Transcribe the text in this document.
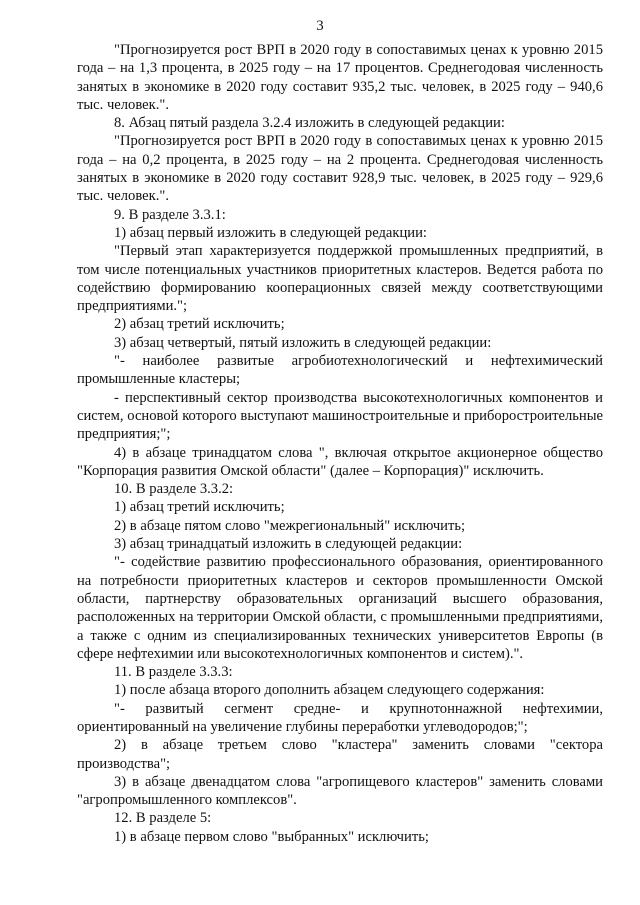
3

"Прогнозируется рост ВРП в 2020 году в сопоставимых ценах к уровню 2015 года – на 1,3 процента, в 2025 году – на 17 процентов. Среднегодовая численность занятых в экономике в 2020 году составит 935,2 тыс. человек, в 2025 году – 940,6 тыс. человек.".

8. Абзац пятый раздела 3.2.4 изложить в следующей редакции:

"Прогнозируется рост ВРП в 2020 году в сопоставимых ценах к уровню 2015 года – на 0,2 процента, в 2025 году – на 2 процента. Среднегодовая численность занятых в экономике в 2020 году составит 928,9 тыс. человек, в 2025 году – 929,6 тыс. человек.".

9. В разделе 3.3.1:

1) абзац первый изложить в следующей редакции:

"Первый этап характеризуется поддержкой промышленных предприятий, в том числе потенциальных участников приоритетных кластеров. Ведется работа по содействию формированию кооперационных связей между соответствующими предприятиями.";

2) абзац третий исключить;

3) абзац четвертый, пятый изложить в следующей редакции:

"- наиболее развитые агробиотехнологический и нефтехимический промышленные кластеры;

- перспективный сектор производства высокотехнологичных компонентов и систем, основой которого выступают машиностроительные и приборостроительные предприятия;";

4) в абзаце тринадцатом слова ", включая открытое акционерное общество "Корпорация развития Омской области" (далее – Корпорация)" исключить.

10. В разделе 3.3.2:

1) абзац третий исключить;

2) в абзаце пятом слово "межрегиональный" исключить;

3) абзац тринадцатый изложить в следующей редакции:

"- содействие развитию профессионального образования, ориентированного на потребности приоритетных кластеров и секторов промышленности Омской области, партнерству образовательных организаций высшего образования, расположенных на территории Омской области, с промышленными предприятиями, а также с одним из специализированных технических университетов Европы (в сфере нефтехимии или высокотехнологичных компонентов и систем).".

11. В разделе 3.3.3:

1) после абзаца второго дополнить абзацем следующего содержания:

"- развитый сегмент средне- и крупнотоннажной нефтехимии, ориентированный на увеличение глубины переработки углеводородов;";

2) в абзаце третьем слово "кластера" заменить словами "сектора производства";

3) в абзаце двенадцатом слова "агропищевого кластеров" заменить словами "агропромышленного комплексов".

12. В разделе 5:

1) в абзаце первом слово "выбранных" исключить;
